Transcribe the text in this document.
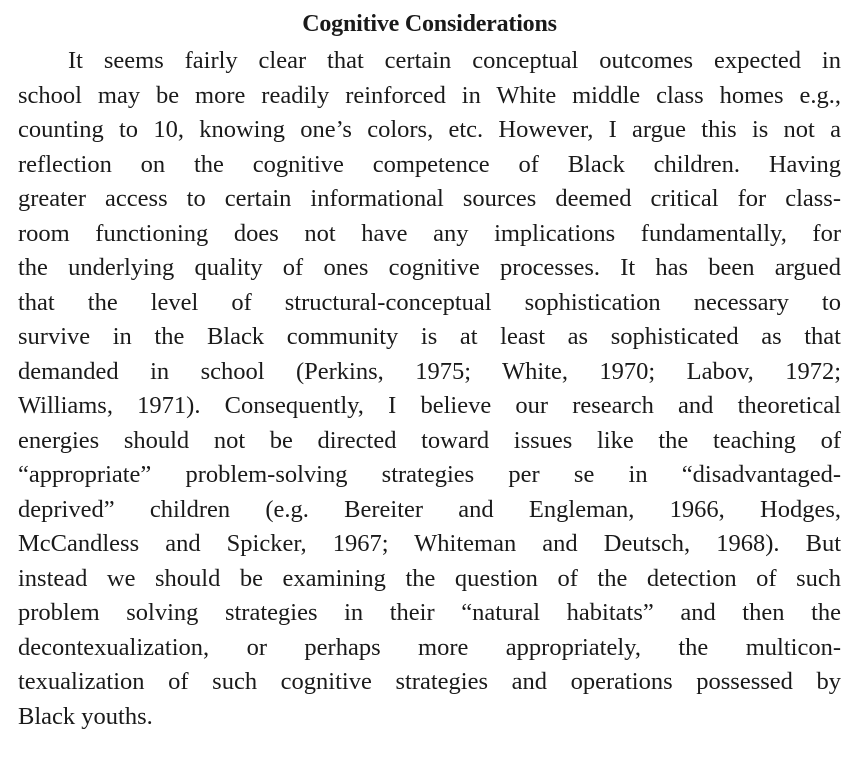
Cognitive Considerations
It seems fairly clear that certain conceptual outcomes expected in
school may be more readily reinforced in White middle class homes e.g.,
counting to 10, knowing one’s colors, etc. However, I argue this is not a
reflection on the cognitive competence of Black children. Having
greater access to certain informational sources deemed critical for class-
room functioning does not have any implications fundamentally, for
the underlying quality of ones cognitive processes. It has been argued
that the level of structural-conceptual sophistication necessary to
survive in the Black community is at least as sophisticated as that
demanded in school (Perkins, 1975; White, 1970; Labov, 1972;
Williams, 1971). Consequently, I believe our research and theoretical
energies should not be directed toward issues like the teaching of
“appropriate” problem-solving strategies per se in “disadvantaged-
deprived” children (e.g. Bereiter and Engleman, 1966, Hodges,
McCandless and Spicker, 1967; Whiteman and Deutsch, 1968). But
instead we should be examining the question of the detection of such
problem solving strategies in their “natural habitats” and then the
decontexualization, or perhaps more appropriately, the multicon-
texualization of such cognitive strategies and operations possessed by
Black youths.
